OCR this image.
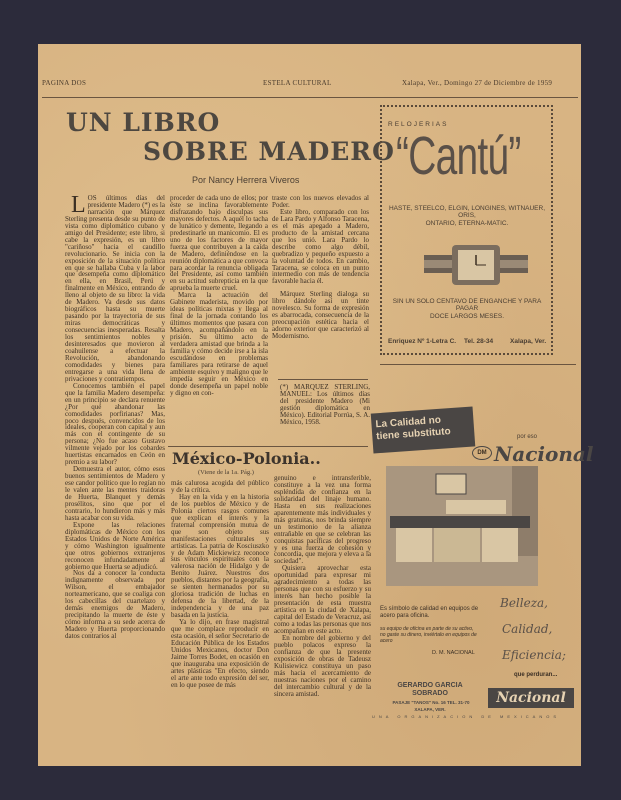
PAGINA DOS	ESTELA CULTURAL	Xalapa, Ver., Domingo 27 de Diciembre de 1959
UN LIBRO
SOBRE MADERO
Por Nancy Herrera Viveros
L OS últimos días del presidente Madero (*) es la narración que Márquez Sterling presenta desde su punto de vista como diplomático cubano y amigo del Presidente; este libro, si cabe la expresión, es un libro "cariñoso" hacia el caudillo revolucionario. Se inicia con la exposición de la situación política en que se hallaba Cuba y la labor que desempeña como diplomático en ella, en Brasil, Perú y finalmente en México, entrando de lleno al objeto de su libro: la vida de Madero. Va desde sus datos biográficos hasta su muerte pasando por la trayectoria de sus miras democráticas y consecuencias inesperadas. Resalta los sentimientos nobles y desinteresados que movieron al coahuilense a efectuar la Revolución, abandonando comodidades y bienes para entregarse a una vida llena de privaciones y contratiempos.

Conocemos también el papel que la familia Madero desempeña: en un principio se declara renuente ¿Por qué abandonar las comodidades porfirianas? Mas, poco después, convencidos de los ideales, cooperan con capital y aun más con el contingente de su persona; ¿No fue acaso Gustavo vilmente vejado por los cobardes huertistas encarnados en Ceón en premio a su labor?

Demuestra el autor, cómo esos buenos sentimientos de Madero y ese candor político que lo regían no le valen ante las mentes traidoras de Huerta, Blanquet y demás prosélitos, sino que por el contrario, lo hundieron más y más hasta acabar con su vida.

Expone las relaciones diplomáticas de México con los Estados Unidos de Norte América y cómo Washington igualmente que otros gobiernos extranjeros reconocen infundadamente al gobierno que Huerta se adjudicó.

Nos da a conocer la conducta indignamente observada por Wilson, el embajador norteamericano, que se coaliga con los cabecillas del cuartelazo y demás enemigos de Madero, precipitando la muerte de éste y cómo informa a su sede acerca de Madero y Huerta proporcionando datos contrarios al

proceder de cada uno de ellos; por éste se inclina favorablemente disfrazando bajo disculpas sus mayores defectos. A aquél lo tacha de lunático y demente, llegando a predestinarle un manicomio. El es uno de los factores de mayor fuerza que contribuyen a la caída de Madero, definiéndose en la reunión diplomática a que convoca para acordar la renuncia obligada del Presidente, así como también en su actitud subrepticia en la que aprueba la muerte cruel.

Marca la actuación del Gabinete maderista, movido por ideas políticas mixtas y llega al final de la jornada contando los últimos momentos que pasara con Madero, acompañándolo en la prisión. Su último acto de verdadera amistad que brinda a la familia y cómo decide irse a la isla escudándose en problemas familiares para retirarse de aquel ambiente esquivo y maligno que le impedía seguir en México en donde desempeña un papel noble y digno en con-

traste con los nuevos elevados al Poder.

Este libro, comparado con los de Lara Pardo y Alfonso Taracena, es el más apegado a Madero, producto de la amistad cercana que los unió. Lara Pardo lo describe como algo débil, quebradizo y pequeño expuesto a la voluntad de todos. En cambio, Taracena, se coloca en un punto intermedio con más de tendencia favorable hacia él.

Márquez Sterling dialoga su libro dándole así un tinte novelesco. Su forma de expresión es abarrocada, consecuencia de la preocupación estética hacia el adorno exterior que caracterizó al Modernismo.

(*) MARQUEZ STERLING, MANUEL: Los últimos días del presidente Madero (Mi gestión diplomática en México). Editorial Porrúa, S. A. México, 1958.

México-Polonia..
(Viene de la 1a. Pág.)

más calurosa acogida del público y de la crítica.

Hay en la vida y en la historia de los pueblos de México y de Polonia ciertos rasgos comunes que explican el interés y la fraternal comprensión mutua de que son objeto sus manifestaciones culturales y artísticas. La patria de Kosciuszko y de Adam Mickiewicz reconoce sus vínculos espirituales con la valerosa nación de Hidalgo y de Benito Juárez. Nuestros dos pueblos, distantes por la geografía, se sienten hermanados por su gloriosa tradición de luchas en defensa de la libertad, de la independencia y de una paz basada en la justicia.

Ya lo dijo, en frase magistral que me complace reproducir en esta ocasión, el señor Secretario de Educación Pública de los Estados Unidos Mexicanos, doctor Don Jaime Torres Bodet, en ocasión en que inauguraba una exposición de artes plásticas "En efecto, siendo el arte ante todo expresión del ser, en lo que posee de más

genuino e intransferible, constituye a la vez una forma espléndida de confianza en la solidaridad del linaje humano. Hasta en sus realizaciones aparentemente más individuales y más gratuitas, nos brinda siempre un testimonio de la alianza entrañable en que se celebran las conquistas pacíficas del progreso y es una fuerza de cohesión y concordia, que mejora y eleva a la sociedad".

Quisiera aprovechar esta oportunidad para expresar mi agradecimiento a todas las personas que con su esfuerzo y su interés han hecho posible la presentación de esta muestra artística en la ciudad de Xalapa, capital del Estado de Veracruz, así como a todas las personas que nos acompañan en este acto.

En nombre del gobierno y del pueblo polacos expreso la confianza de que la presente exposición de obras de Tadeusz Kulisiewicz constituya un paso más hacia el acercamiento de nuestras naciones por el camino del intercambio cultural y de la sincera amistad.

RELOJERIAS
“Cantú”
HASTE, STEELCO, ELGIN, LONGINES, WITNAUER, ORIS,
ONTARIO, ETERNA-MATIC.
SIN UN SOLO CENTAVO DE ENGANCHE Y PARA PAGAR
DOCE LARGOS MESES.
Enriquez Nº 1-Letra C. Tel. 28-34	Xalapa, Ver.
La Calidad no
tiene substituto	por eso
DM Nacional
Es símbolo de calidad en equipos de acero para oficina.
su equipo de oficina es parte de su activo, no gaste su dinero, inviértalo en equipos de acero
D. M. NACIONAL
Belleza,
Calidad,
Eficiencia;
que perduran...
GERARDO GARCIA
SOBRADO
PASAJE "TANOS" No. 16 TEL. 31-70
XALAPA, VER.
Nacional
UNA ORGANIZACION DE MEXICANOS
